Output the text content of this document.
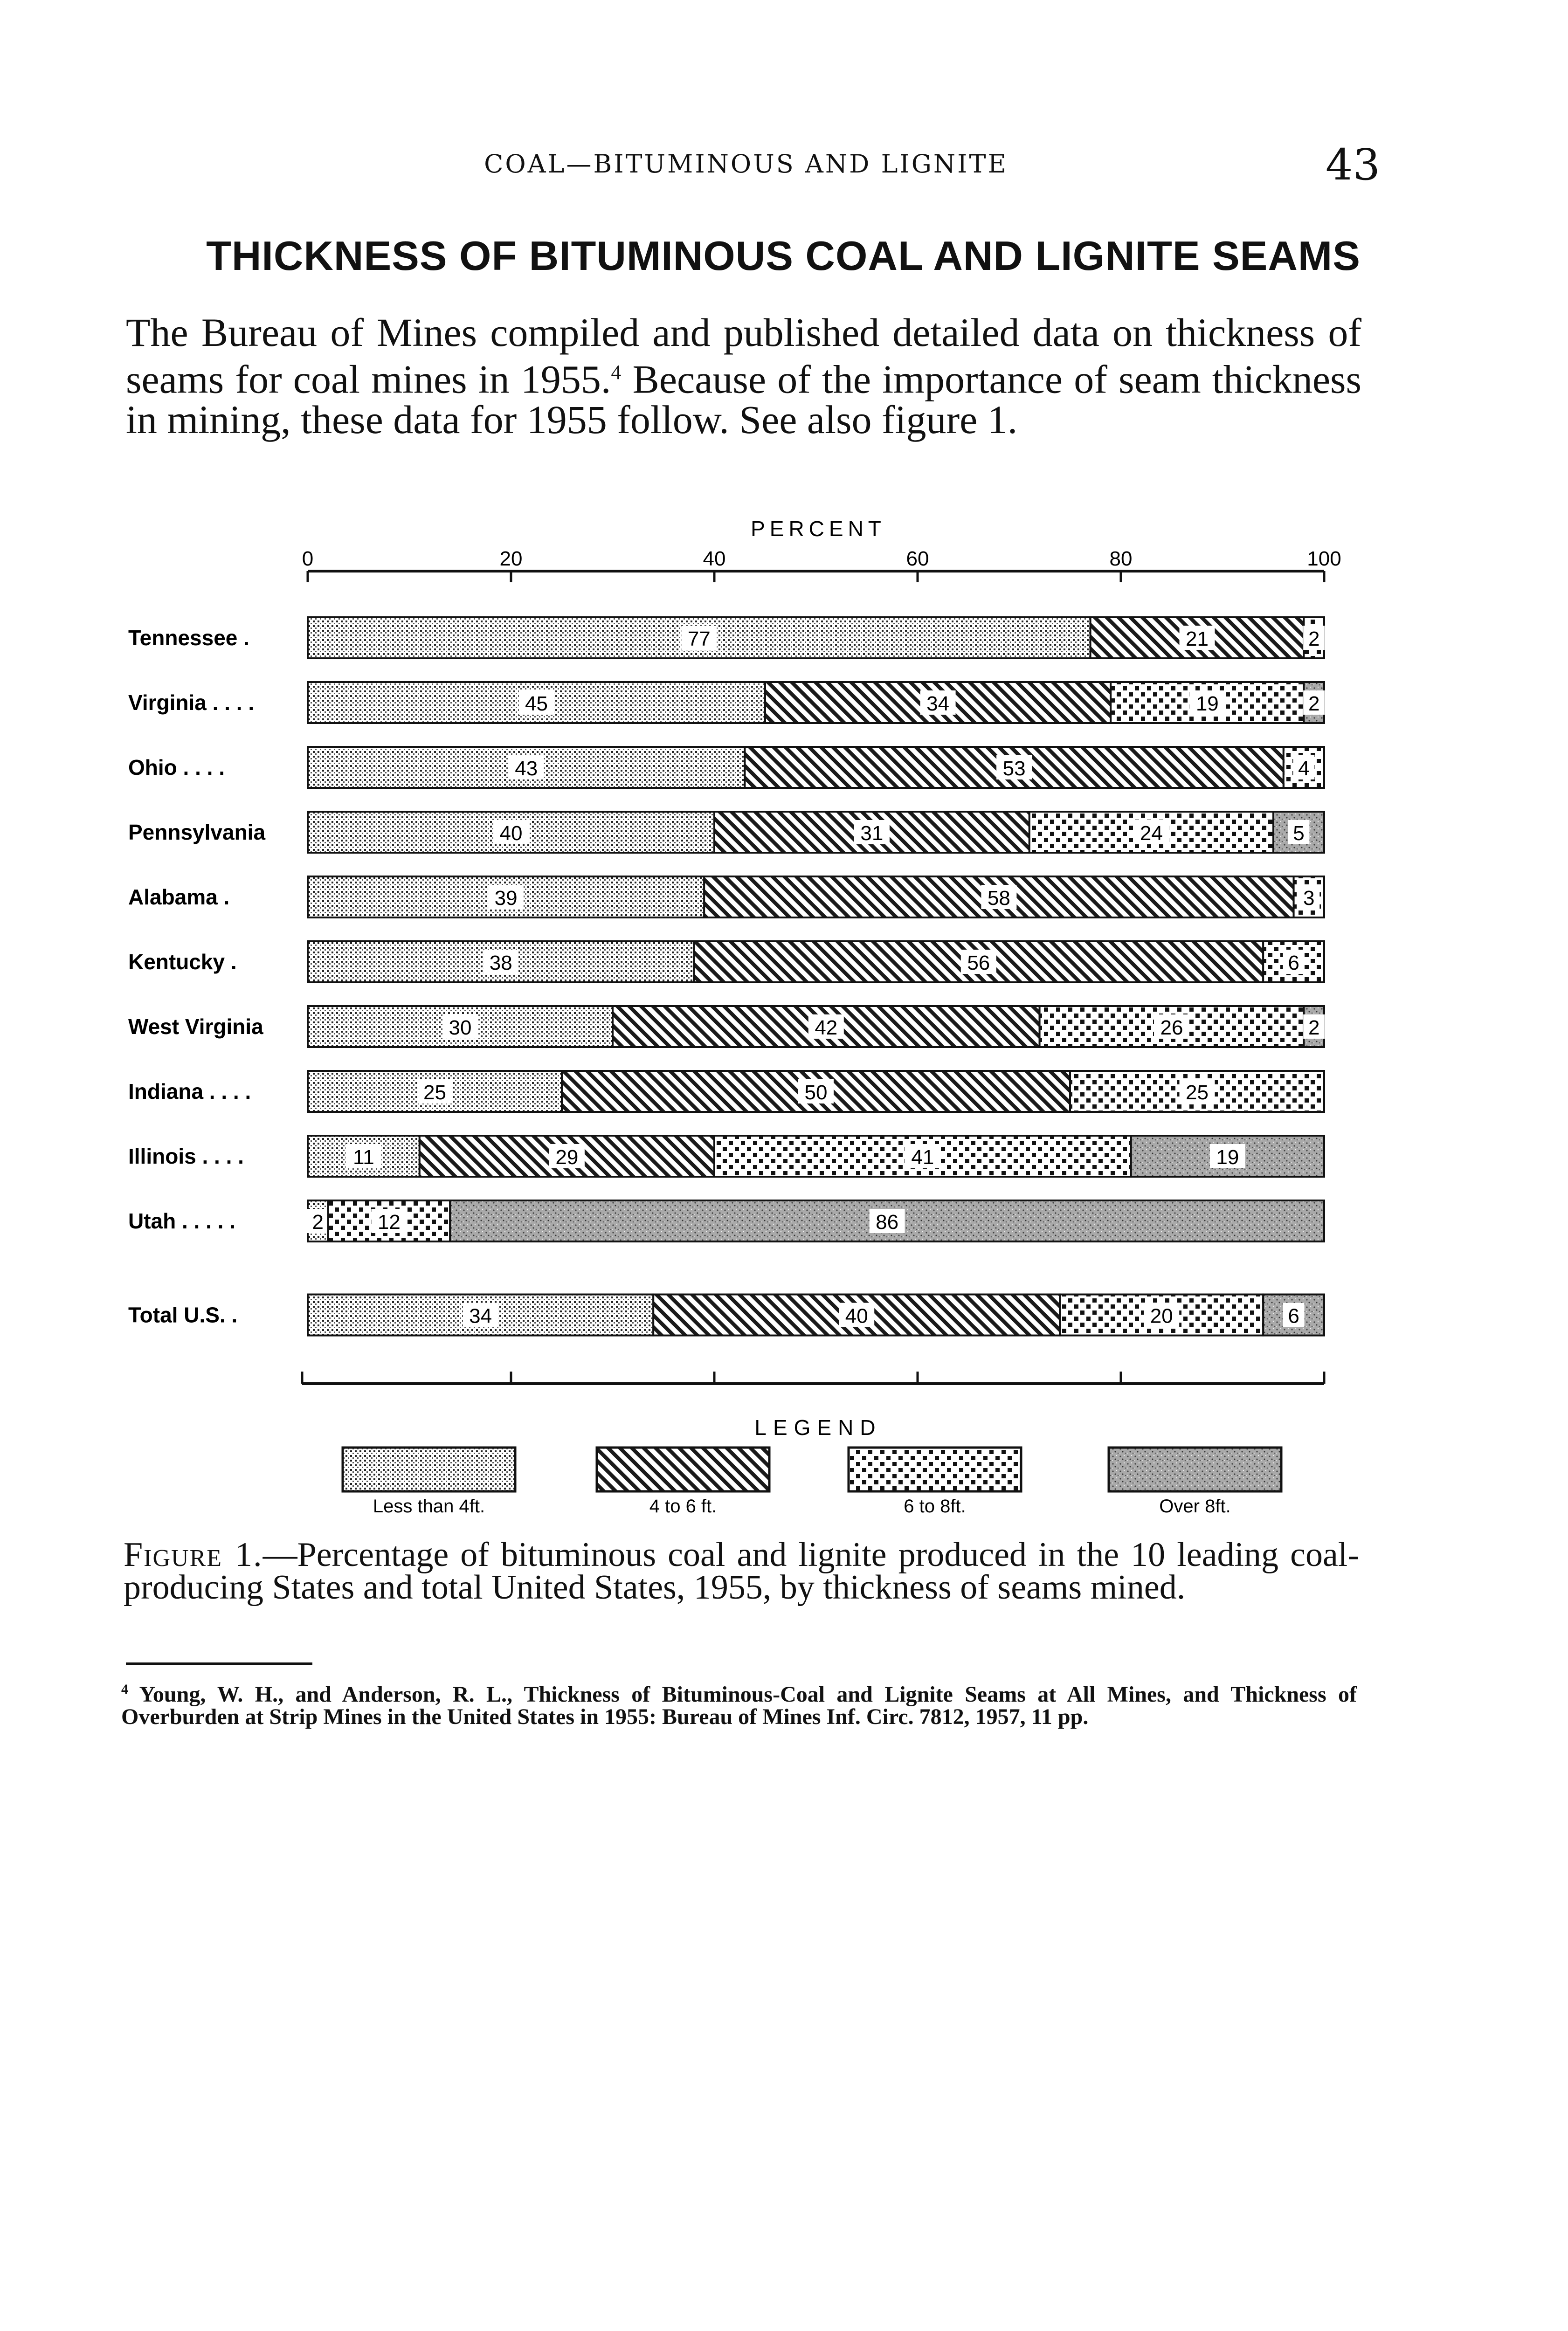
COAL—BITUMINOUS AND LIGNITE	43
THICKNESS OF BITUMINOUS COAL AND LIGNITE SEAMS

The Bureau of Mines compiled and published detailed data on thickness of seams for coal mines in 1955.$^4$ Because of the importance of seam thickness in mining, these data for 1955 follow. See also figure 1.

PERCENT
0	20	40	60	80	100
Tennessee .	77	21	2
Virginia . . . .	45	34	19	2
Ohio . . . .	43	53	4
Pennsylvania	40	31	24	5
Alabama .	39	58	3
Kentucky .	38	56	6
West Virginia	30	42	26	2
Indiana . . . .	25	50	25
Illinois . . . .	11	29	41	19
Utah . . . . .	2	12	86
Total U.S. .	34	40	20	6
LEGEND
Less than 4ft.	4 to 6 ft.	6 to 8ft.	Over 8ft.
Figure 1.—Percentage of bituminous coal and lignite produced in the 10 leading coal-producing States and total United States, 1955, by thickness of seams mined.
$^4$ Young, W. H., and Anderson, R. L., Thickness of Bituminous-Coal and Lignite Seams at All Mines, and Thickness of Overburden at Strip Mines in the United States in 1955: Bureau of Mines Inf. Circ. 7812, 1957, 11 pp.
